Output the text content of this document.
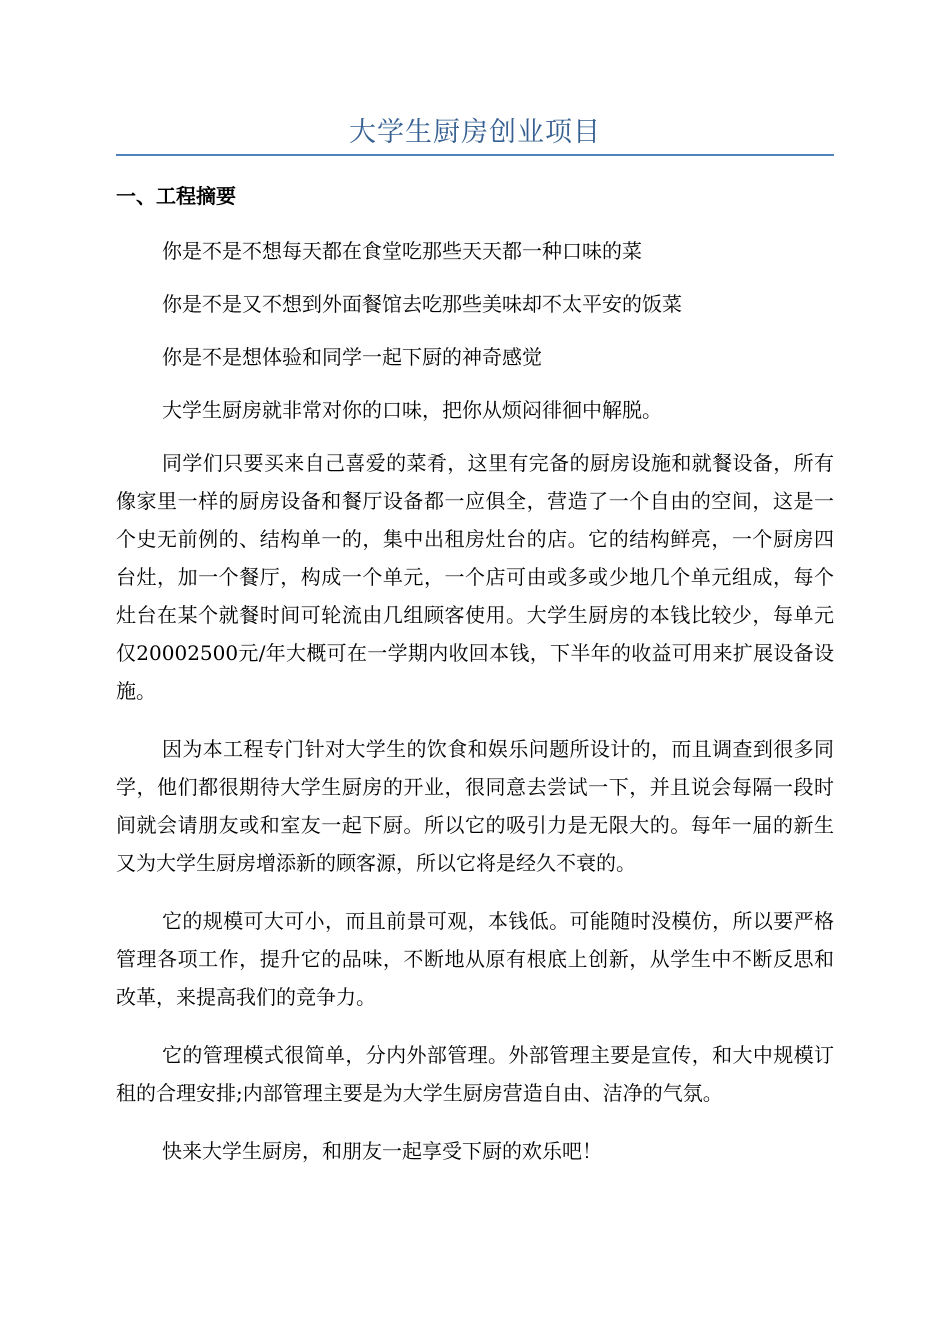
大学生厨房创业项目
一、工程摘要
你是不是不想每天都在食堂吃那些天天都一种口味的菜
你是不是又不想到外面餐馆去吃那些美味却不太平安的饭菜
你是不是想体验和同学一起下厨的神奇感觉
大学生厨房就非常对你的口味，把你从烦闷徘徊中解脱。

同学们只要买来自己喜爱的菜肴，这里有完备的厨房设施和就餐设备，所有像家里一样的厨房设备和餐厅设备都一应俱全，营造了一个自由的空间，这是一个史无前例的、结构单一的，集中出租房灶台的店。它的结构鲜亮，一个厨房四台灶，加一个餐厅，构成一个单元，一个店可由或多或少地几个单元组成，每个灶台在某个就餐时间可轮流由几组顾客使用。大学生厨房的本钱比较少，每单元仅20002500元/年大概可在一学期内收回本钱，下半年的收益可用来扩展设备设施。

因为本工程专门针对大学生的饮食和娱乐问题所设计的，而且调查到很多同学，他们都很期待大学生厨房的开业，很同意去尝试一下，并且说会每隔一段时间就会请朋友或和室友一起下厨。所以它的吸引力是无限大的。每年一届的新生又为大学生厨房增添新的顾客源，所以它将是经久不衰的。

它的规模可大可小，而且前景可观，本钱低。可能随时没模仿，所以要严格管理各项工作，提升它的品味，不断地从原有根底上创新，从学生中不断反思和改革，来提高我们的竞争力。

它的管理模式很简单，分内外部管理。外部管理主要是宣传，和大中规模订租的合理安排;内部管理主要是为大学生厨房营造自由、洁净的气氛。

快来大学生厨房，和朋友一起享受下厨的欢乐吧！
